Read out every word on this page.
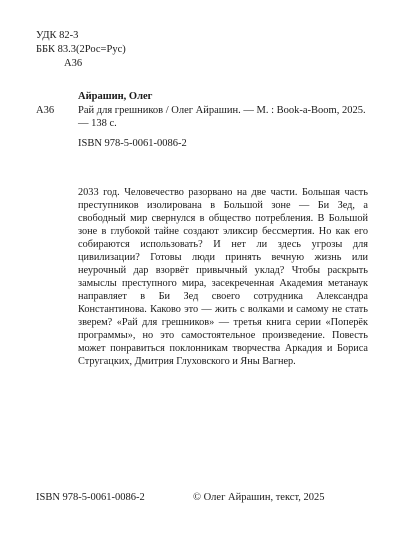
УДК 82-3
ББК 83.3(2Рос=Рус)
А36
Айрашин, Олег
А36 Рай для грешников / Олег Айрашин. — М. : Book-a-Boom, 2025. — 138 с.
ISBN 978-5-0061-0086-2
2033 год. Человечество разорвано на две части. Большая часть преступников изолирована в Большой зоне — Би Зед, а свободный мир свернулся в общество потребления. В Большой зоне в глубокой тайне создают эликсир бессмертия. Но как его собираются использовать? И нет ли здесь угрозы для цивилизации? Готовы люди принять вечную жизнь или неурочный дар взорвёт привычный уклад? Чтобы раскрыть замыслы преступного мира, засекреченная Академия метанаук направляет в Би Зед своего сотрудника Александра Константинова. Каково это — жить с волками и самому не стать зверем? «Рай для грешников» — третья книга серии «Поперёк программы», но это самостоятельное произведение. Повесть может понравиться поклонникам творчества Аркадия и Бориса Стругацких, Дмитрия Глуховского и Яны Вагнер.
ISBN 978-5-0061-0086-2	© Олег Айрашин, текст, 2025
